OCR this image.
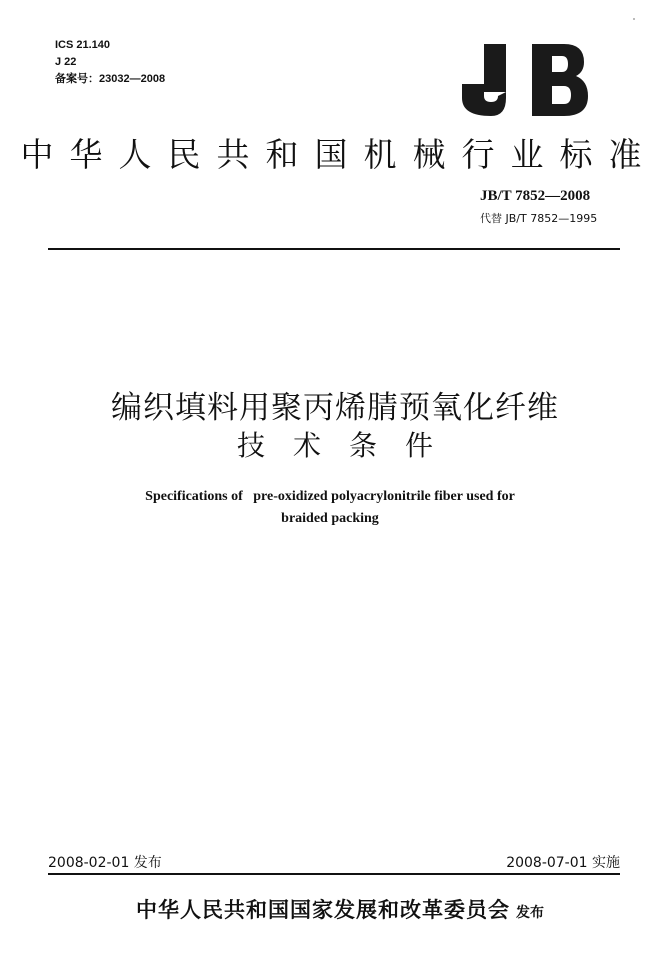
ICS 21.140
J 22
备案号：23032—2008
中华人民共和国机械行业标准
JB/T 7852—2008
代替 JB/T 7852—1995
编织填料用聚丙烯腈预氧化纤维
技术条件
Specifications of   pre-oxidized polyacrylonitrile fiber used for
braided packing
2008-02-01 发布	2008-07-01 实施
中华人民共和国国家发展和改革委员会 发布
